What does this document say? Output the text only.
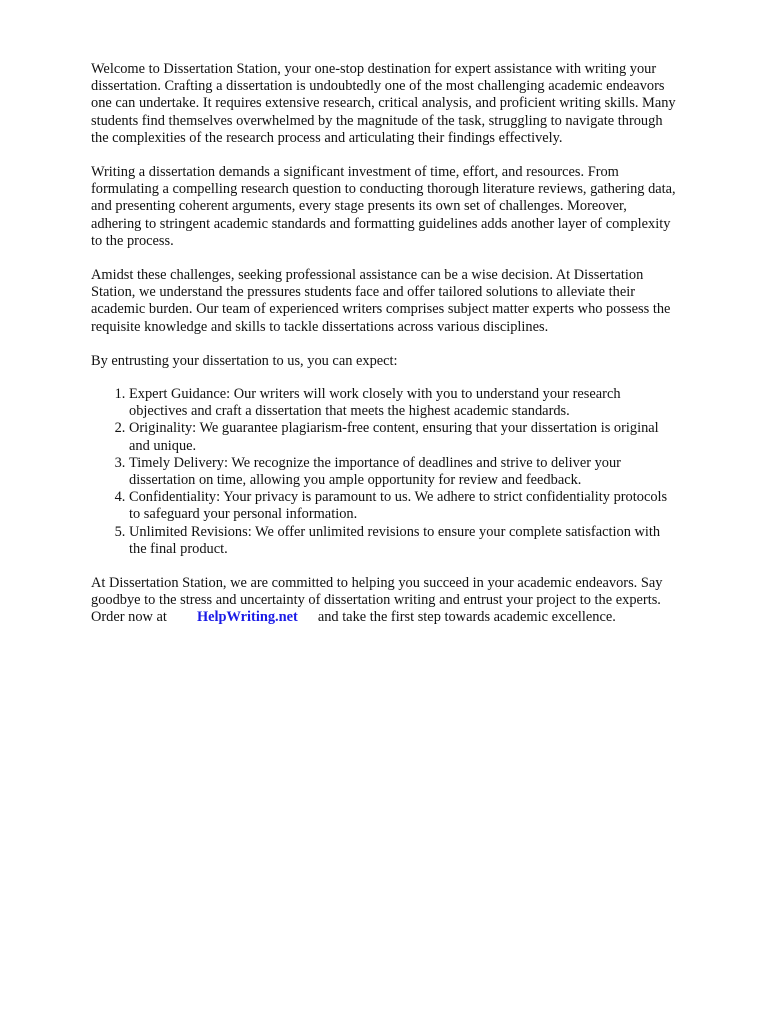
Welcome to Dissertation Station, your one-stop destination for expert assistance with writing your
dissertation. Crafting a dissertation is undoubtedly one of the most challenging academic endeavors
one can undertake. It requires extensive research, critical analysis, and proficient writing skills. Many
students find themselves overwhelmed by the magnitude of the task, struggling to navigate through
the complexities of the research process and articulating their findings effectively.

Writing a dissertation demands a significant investment of time, effort, and resources. From
formulating a compelling research question to conducting thorough literature reviews, gathering data,
and presenting coherent arguments, every stage presents its own set of challenges. Moreover,
adhering to stringent academic standards and formatting guidelines adds another layer of complexity
to the process.

Amidst these challenges, seeking professional assistance can be a wise decision. At Dissertation
Station, we understand the pressures students face and offer tailored solutions to alleviate their
academic burden. Our team of experienced writers comprises subject matter experts who possess the
requisite knowledge and skills to tackle dissertations across various disciplines.

By entrusting your dissertation to us, you can expect:

1. Expert Guidance: Our writers will work closely with you to understand your research
objectives and craft a dissertation that meets the highest academic standards.
2. Originality: We guarantee plagiarism-free content, ensuring that your dissertation is original
and unique.
3. Timely Delivery: We recognize the importance of deadlines and strive to deliver your
dissertation on time, allowing you ample opportunity for review and feedback.
4. Confidentiality: Your privacy is paramount to us. We adhere to strict confidentiality protocols
to safeguard your personal information.
5. Unlimited Revisions: We offer unlimited revisions to ensure your complete satisfaction with
the final product.

At Dissertation Station, we are committed to helping you succeed in your academic endeavors. Say
goodbye to the stress and uncertainty of dissertation writing and entrust your project to the experts.
Order now at HelpWriting.net and take the first step towards academic excellence.
